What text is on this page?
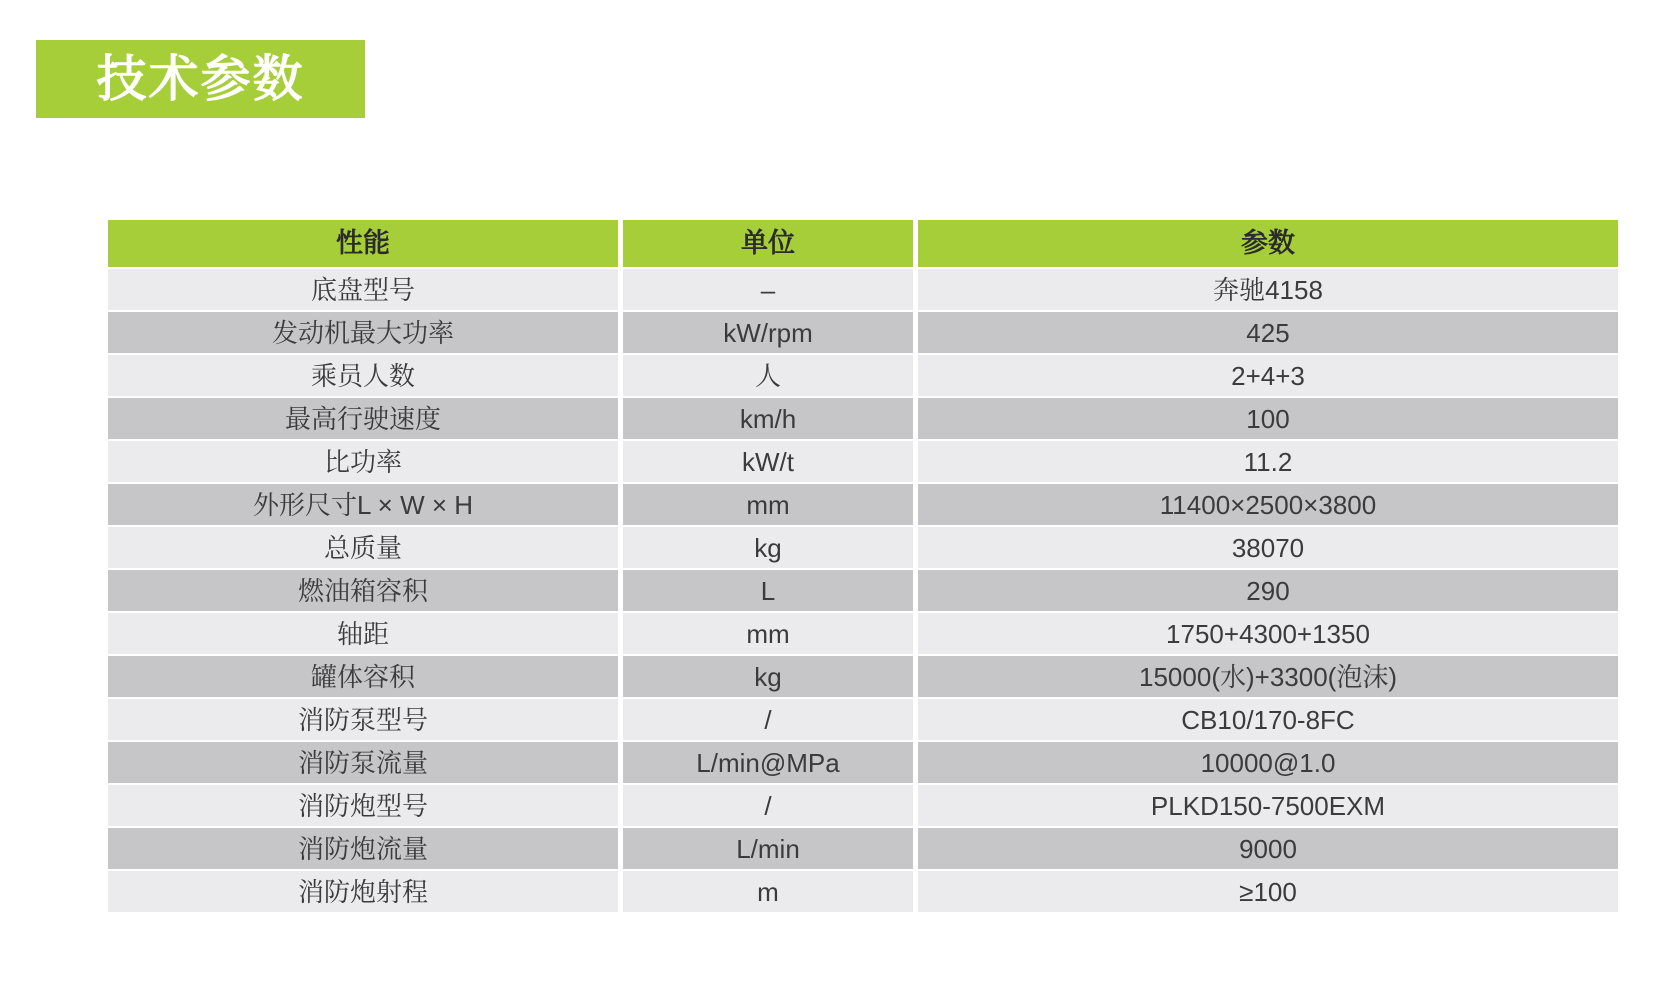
技术参数
性能	单位	参数
底盘型号	–	奔驰4158
发动机最大功率	kW/rpm	425
乘员人数	人	2+4+3
最高行驶速度	km/h	100
比功率	kW/t	11.2
外形尺寸L × W × H	mm	11400×2500×3800
总质量	kg	38070
燃油箱容积	L	290
轴距	mm	1750+4300+1350
罐体容积	kg	15000(水)+3300(泡沫)
消防泵型号	/	CB10/170-8FC
消防泵流量	L/min@MPa	10000@1.0
消防炮型号	/	PLKD150-7500EXM
消防炮流量	L/min	9000
消防炮射程	m	≥100
